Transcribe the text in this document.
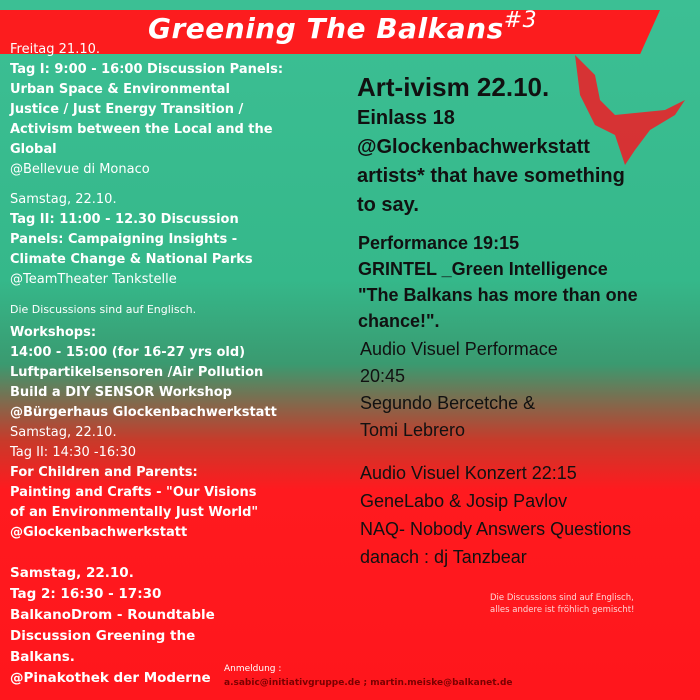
Greening The Balkans$^{\#3}$
Freitag 21.10.
Tag I: 9:00 - 16:00 Discussion Panels:
Urban Space & Environmental
Justice / Just Energy Transition /
Activism between the Local and the
Global
@Bellevue di Monaco
Samstag, 22.10.
Tag II: 11:00 - 12.30 Discussion
Panels: Campaigning Insights -
Climate Change & National Parks
@TeamTheater Tankstelle
Die Discussions sind auf Englisch.
Workshops:
14:00 - 15:00 (for 16-27 yrs old)
Luftpartikelsensoren /Air Pollution
Build a DIY SENSOR Workshop
@Bürgerhaus Glockenbachwerkstatt
Samstag, 22.10.
Tag II: 14:30 -16:30
For Children and Parents:
Painting and Crafts - "Our Visions
of an Environmentally Just World"
@Glockenbachwerkstatt
Samstag, 22.10.
Tag 2: 16:30 - 17:30
BalkanoDrom - Roundtable
Discussion Greening the
Balkans.
@Pinakothek der Moderne
Art-ivism 22.10.
Einlass 18
@Glockenbachwerkstatt
artists* that have something
to say.
Performance 19:15
GRINTEL _Green Intelligence
"The Balkans has more than one
chance!".
Audio Visuel Performace
20:45
Segundo Bercetche &
Tomi Lebrero
Audio Visuel Konzert 22:15
GeneLabo & Josip Pavlov
NAQ- Nobody Answers Questions
danach : dj Tanzbear
Die Discussions sind auf Englisch, alles andere ist fröhlich gemischt!
Anmeldung :
a.sabic@initiativgruppe.de ; martin.meiske@balkanet.de
